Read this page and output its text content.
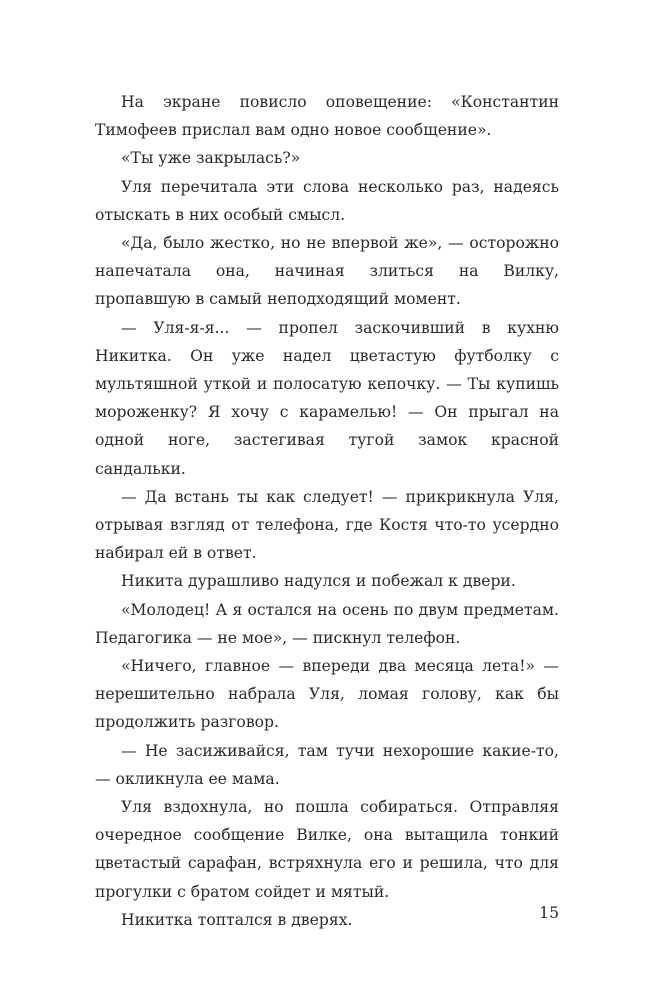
На экране повисло оповещение: «Константин Тимофеев прислал вам одно новое сообщение».

«Ты уже закрылась?»

Уля перечитала эти слова несколько раз, надеясь отыскать в них особый смысл.

«Да, было жестко, но не впервой же», — осторожно напечатала она, начиная злиться на Вилку, пропавшую в самый неподходящий момент.

— Уля-я-я... — пропел заскочивший в кухню Никитка. Он уже надел цветастую футболку с мультяшной уткой и полосатую кепочку. — Ты купишь мороженку? Я хочу с карамелью! — Он прыгал на одной ноге, застегивая тугой замок красной сандальки.

— Да встань ты как следует! — прикрикнула Уля, отрывая взгляд от телефона, где Костя что-то усердно набирал ей в ответ.

Никита дурашливо надулся и побежал к двери.

«Молодец! А я остался на осень по двум предметам. Педагогика — не мое», — пискнул телефон.

«Ничего, главное — впереди два месяца лета!» — нерешительно набрала Уля, ломая голову, как бы продолжить разговор.

— Не засиживайся, там тучи нехорошие какие-то, — окликнула ее мама.

Уля вздохнула, но пошла собираться. Отправляя очередное сообщение Вилке, она вытащила тонкий цветастый сарафан, встряхнула его и решила, что для прогулки с братом сойдет и мятый.

Никитка топтался в дверях.	15
